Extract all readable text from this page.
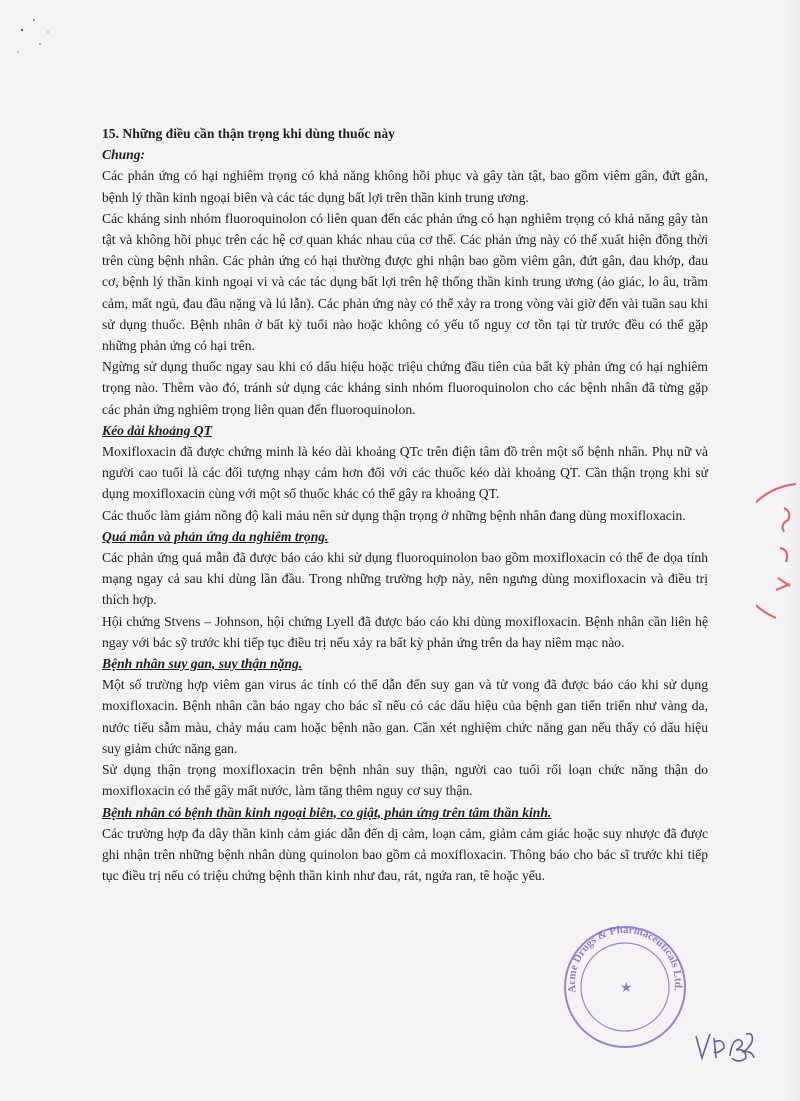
15. Những điều cần thận trọng khi dùng thuốc này

Chung:

Các phản ứng có hại nghiêm trọng có khả năng không hồi phục và gây tàn tật, bao gồm viêm gân, đứt gân, bệnh lý thần kinh ngoại biên và các tác dụng bất lợi trên thần kinh trung ương.

Các kháng sinh nhóm fluoroquinolon có liên quan đến các phản ứng có hạn nghiêm trọng có khả năng gây tàn tật và không hồi phục trên các hệ cơ quan khác nhau của cơ thể. Các phản ứng này có thể xuất hiện đồng thời trên cùng bệnh nhân. Các phản ứng có hại thường được ghi nhận bao gồm viêm gân, đứt gân, đau khớp, đau cơ, bệnh lý thần kinh ngoại vi và các tác dụng bất lợi trên hệ thống thần kinh trung ương (ảo giác, lo âu, trầm cảm, mất ngủ, đau đầu nặng và lú lẫn). Các phản ứng này có thể xảy ra trong vòng vài giờ đến vài tuần sau khi sử dụng thuốc. Bệnh nhân ở bất kỳ tuổi nào hoặc không có yếu tố nguy cơ tồn tại từ trước đều có thể gặp những phản ứng có hại trên.

Ngừng sử dụng thuốc ngay sau khi có dấu hiệu hoặc triệu chứng đầu tiên của bất kỳ phản ứng có hại nghiêm trọng nào. Thêm vào đó, tránh sử dụng các kháng sinh nhóm fluoroquinolon cho các bệnh nhân đã từng gặp các phản ứng nghiêm trọng liên quan đến fluoroquinolon.

Kéo dài khoảng QT

Moxifloxacin đã được chứng minh là kéo dài khoảng QTc trên điện tâm đồ trên một số bệnh nhân. Phụ nữ và người cao tuổi là các đối tượng nhạy cảm hơn đối với các thuốc kéo dài khoảng QT. Cần thận trọng khi sử dụng moxifloxacin cùng với một số thuốc khác có thể gây ra khoảng QT.

Các thuốc làm giảm nồng độ kali máu nên sử dụng thận trọng ở những bệnh nhân đang dùng moxifloxacin.

Quá mẫn và phản ứng da nghiêm trọng.

Các phản ứng quá mẫn đã được báo cáo khi sử dụng fluoroquinolon bao gồm moxifloxacin có thể đe dọa tính mạng ngay cả sau khi dùng lần đầu. Trong những trường hợp này, nên ngưng dùng moxifloxacin và điều trị thích hợp.

Hội chứng Stvens – Johnson, hội chứng Lyell đã được báo cáo khi dùng moxifloxacin. Bệnh nhân cần liên hệ ngay với bác sỹ trước khi tiếp tục điều trị nếu xảy ra bất kỳ phản ứng trên da hay niêm mạc nào.

Bệnh nhân suy gan, suy thận nặng.

Một số trường hợp viêm gan virus ác tính có thể dẫn đến suy gan và tử vong đã được báo cáo khi sử dụng moxifloxacin. Bệnh nhân cần báo ngay cho bác sĩ nếu có các dấu hiệu của bệnh gan tiến triển như vàng da, nước tiểu sẫm màu, chảy máu cam hoặc bệnh não gan. Cần xét nghiệm chức năng gan nếu thấy có dấu hiệu suy giảm chức năng gan.

Sử dụng thận trọng moxifloxacin trên bệnh nhân suy thận, người cao tuổi rối loạn chức năng thận do moxifloxacin có thể gây mất nước, làm tăng thêm nguy cơ suy thận.

Bệnh nhân có bệnh thần kinh ngoại biên, co giật, phản ứng trên tâm thần kinh.

Các trường hợp đa dây thần kinh cảm giác dẫn đến dị cảm, loạn cảm, giảm cảm giác hoặc suy nhược đã được ghi nhận trên những bệnh nhân dùng quinolon bao gồm cả moxifloxacin. Thông báo cho bác sĩ trước khi tiếp tục điều trị nếu có triệu chứng bệnh thần kinh như đau, rát, ngứa ran, tê hoặc yếu.

Acme Drugs & Pharmaceuticals Ltd.
★
